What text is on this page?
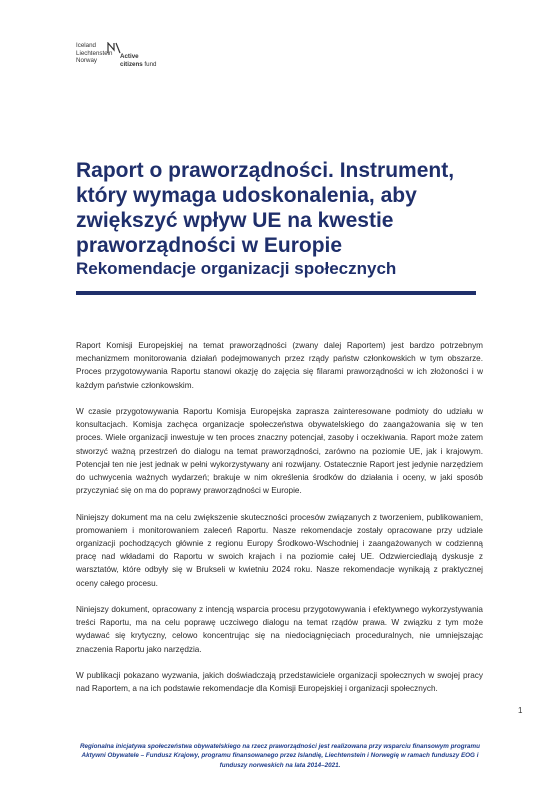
Iceland
Liechtenstein
Norway
Active
citizens fund
Raport o praworządności. Instrument, który wymaga udoskonalenia, aby zwiększyć wpływ UE na kwestie praworządności w Europie
Rekomendacje organizacji społecznych

Raport Komisji Europejskiej na temat praworządności (zwany dalej Raportem) jest bardzo potrzebnym mechanizmem monitorowania działań podejmowanych przez rządy państw członkowskich w tym obszarze. Proces przygotowywania Raportu stanowi okazję do zajęcia się filarami praworządności w ich złożoności i w każdym państwie członkowskim.

W czasie przygotowywania Raportu Komisja Europejska zaprasza zainteresowane podmioty do udziału w konsultacjach. Komisja zachęca organizacje społeczeństwa obywatelskiego do zaangażowania się w ten proces. Wiele organizacji inwestuje w ten proces znaczny potencjał, zasoby i oczekiwania. Raport może zatem stworzyć ważną przestrzeń do dialogu na temat praworządności, zarówno na poziomie UE, jak i krajowym. Potencjał ten nie jest jednak w pełni wykorzystywany ani rozwijany. Ostatecznie Raport jest jedynie narzędziem do uchwycenia ważnych wydarzeń; brakuje w nim określenia środków do działania i oceny, w jaki sposób przyczyniać się on ma do poprawy praworządności w Europie.

Niniejszy dokument ma na celu zwiększenie skuteczności procesów związanych z tworzeniem, publikowaniem, promowaniem i monitorowaniem zaleceń Raportu. Nasze rekomendacje zostały opracowane przy udziale organizacji pochodzących głównie z regionu Europy Środkowo-Wschodniej i zaangażowanych w codzienną pracę nad wkładami do Raportu w swoich krajach i na poziomie całej UE. Odzwierciedlają dyskusje z warsztatów, które odbyły się w Brukseli w kwietniu 2024 roku. Nasze rekomendacje wynikają z praktycznej oceny całego procesu.

Niniejszy dokument, opracowany z intencją wsparcia procesu przygotowywania i efektywnego wykorzystywania treści Raportu, ma na celu poprawę uczciwego dialogu na temat rządów prawa. W związku z tym może wydawać się krytyczny, celowo koncentrując się na niedociągnięciach proceduralnych, nie umniejszając znaczenia Raportu jako narzędzia.

W publikacji pokazano wyzwania, jakich doświadczają przedstawiciele organizacji społecznych w swojej pracy nad Raportem, a na ich podstawie rekomendacje dla Komisji Europejskiej i organizacji społecznych.

1
Regionalna inicjatywa społeczeństwa obywatelskiego na rzecz praworządności jest realizowana przy wsparciu finansowym programu Aktywni Obywatele – Fundusz Krajowy, programu finansowanego przez Islandię, Liechtenstein i Norwegię w ramach funduszy EOG i funduszy norweskich na lata 2014–2021.
